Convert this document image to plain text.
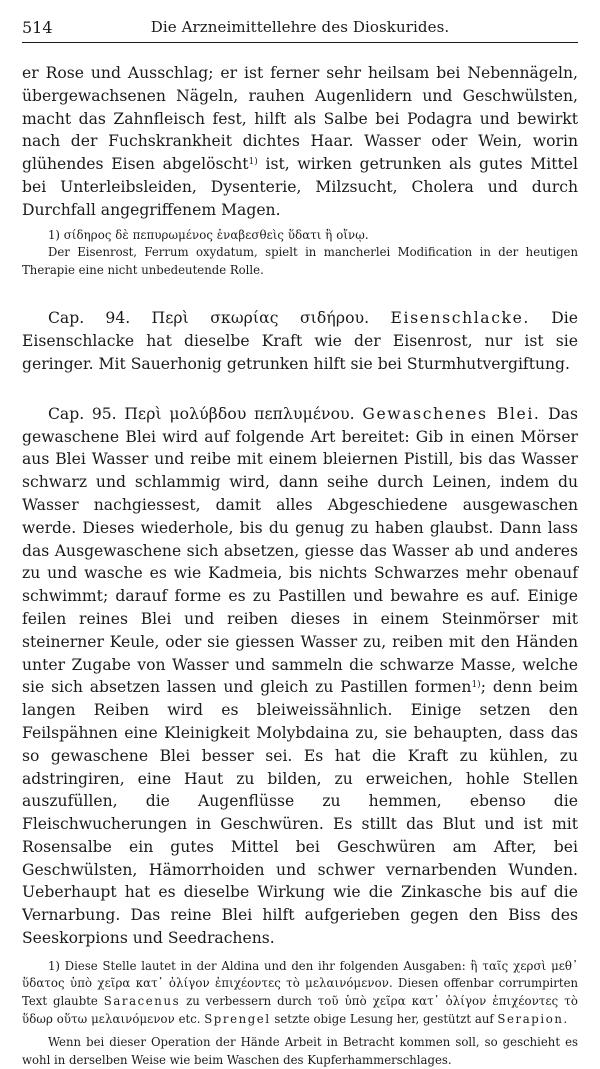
514	Die Arzneimittellehre des Dioskurides.

er Rose und Ausschlag; er ist ferner sehr heilsam bei Nebennägeln, übergewachsenen Nägeln, rauhen Augenlidern und Geschwülsten, macht das Zahnfleisch fest, hilft als Salbe bei Podagra und bewirkt nach der Fuchskrankheit dichtes Haar. Wasser oder Wein, worin glühendes Eisen abgelöscht$^{1)}$ ist, wirken getrunken als gutes Mittel bei Unterleibsleiden, Dysenterie, Milzsucht, Cholera und durch Durchfall angegriffenem Magen.

1) σίδηρος δὲ πεπυρωμένος ἐναβεσθεὶς ὕδατι ἢ οἴνῳ.

Der Eisenrost, Ferrum oxydatum, spielt in mancherlei Modification in der heutigen Therapie eine nicht unbedeutende Rolle.

Cap. 94. Περὶ σκωρίας σιδήρου. Eisenschlacke. Die Eisenschlacke hat dieselbe Kraft wie der Eisenrost, nur ist sie geringer. Mit Sauerhonig getrunken hilft sie bei Sturmhutvergiftung.

Cap. 95. Περὶ μολύβδου πεπλυμένου. Gewaschenes Blei. Das gewaschene Blei wird auf folgende Art bereitet: Gib in einen Mörser aus Blei Wasser und reibe mit einem bleiernen Pistill, bis das Wasser schwarz und schlammig wird, dann seihe durch Leinen, indem du Wasser nachgiessest, damit alles Abgeschiedene ausgewaschen werde. Dieses wiederhole, bis du genug zu haben glaubst. Dann lass das Ausgewaschene sich absetzen, giesse das Wasser ab und anderes zu und wasche es wie Kadmeia, bis nichts Schwarzes mehr obenauf schwimmt; darauf forme es zu Pastillen und bewahre es auf. Einige feilen reines Blei und reiben dieses in einem Steinmörser mit steinerner Keule, oder sie giessen Wasser zu, reiben mit den Händen unter Zugabe von Wasser und sammeln die schwarze Masse, welche sie sich absetzen lassen und gleich zu Pastillen formen$^{1)}$; denn beim langen Reiben wird es bleiweissähnlich. Einige setzen den Feilspähnen eine Kleinigkeit Molybdaina zu, sie behaupten, dass das so gewaschene Blei besser sei. Es hat die Kraft zu kühlen, zu adstringiren, eine Haut zu bilden, zu erweichen, hohle Stellen auszufüllen, die Augenflüsse zu hemmen, ebenso die Fleischwucherungen in Geschwüren. Es stillt das Blut und ist mit Rosensalbe ein gutes Mittel bei Geschwüren am After, bei Geschwülsten, Hämorrhoiden und schwer vernarbenden Wunden. Ueberhaupt hat es dieselbe Wirkung wie die Zinkasche bis auf die Vernarbung. Das reine Blei hilft aufgerieben gegen den Biss des Seeskorpions und Seedrachens.

1) Diese Stelle lautet in der Aldina und den ihr folgenden Ausgaben: ἢ ταῖς χερσὶ μεθ᾽ ὕδατος ὑπὸ χεῖρα κατ᾽ ὀλίγον ἐπιχέοντες τὸ μελαινόμενον. Diesen offenbar corrumpirten Text glaubte Saracenus zu verbessern durch τοῦ ὑπὸ χεῖρα κατ᾽ ὀλίγον ἐπιχέοντες τὸ ὕδωρ οὕτω μελαινόμενον etc. Sprengel setzte obige Lesung her, gestützt auf Serapion.

Wenn bei dieser Operation der Hände Arbeit in Betracht kommen soll, so geschieht es wohl in derselben Weise wie beim Waschen des Kupferhammerschlages.
